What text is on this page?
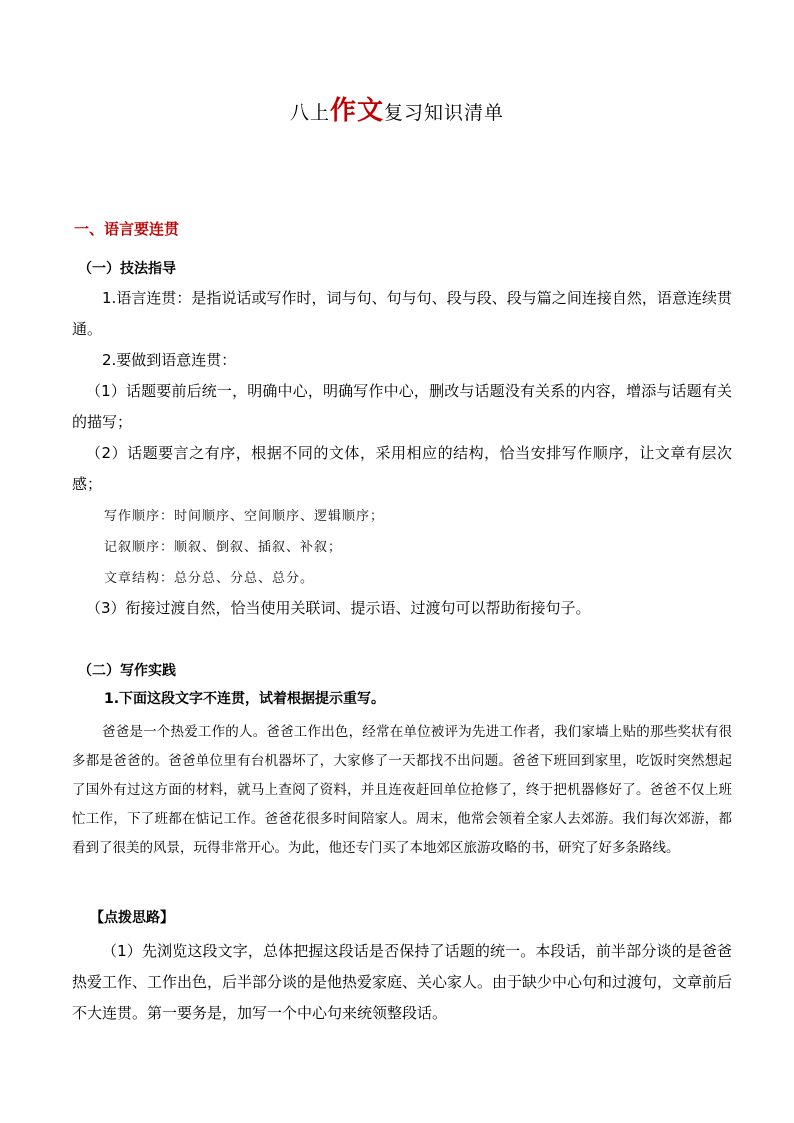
八上作文复习知识清单
一、语言要连贯
（一）技法指导
1.语言连贯：是指说话或写作时，词与句、句与句、段与段、段与篇之间连接自然，语意连续贯通。
2.要做到语意连贯：
（1）话题要前后统一，明确中心，明确写作中心，删改与话题没有关系的内容，增添与话题有关的描写；
（2）话题要言之有序，根据不同的文体，采用相应的结构，恰当安排写作顺序，让文章有层次感；
写作顺序：时间顺序、空间顺序、逻辑顺序；
记叙顺序：顺叙、倒叙、插叙、补叙；
文章结构：总分总、分总、总分。
（3）衔接过渡自然，恰当使用关联词、提示语、过渡句可以帮助衔接句子。
（二）写作实践
1.下面这段文字不连贯，试着根据提示重写。
爸爸是一个热爱工作的人。爸爸工作出色，经常在单位被评为先进工作者，我们家墙上贴的那些奖状有很多都是爸爸的。爸爸单位里有台机器坏了，大家修了一天都找不出问题。爸爸下班回到家里，吃饭时突然想起了国外有过这方面的材料，就马上查阅了资料，并且连夜赶回单位抢修了，终于把机器修好了。爸爸不仅上班忙工作，下了班都在惦记工作。爸爸花很多时间陪家人。周末，他常会领着全家人去郊游。我们每次郊游，都看到了很美的风景，玩得非常开心。为此，他还专门买了本地郊区旅游攻略的书，研究了好多条路线。
【点拨思路】
（1）先浏览这段文字，总体把握这段话是否保持了话题的统一。本段话，前半部分谈的是爸爸热爱工作、工作出色，后半部分谈的是他热爱家庭、关心家人。由于缺少中心句和过渡句，文章前后不大连贯。第一要务是，加写一个中心句来统领整段话。
